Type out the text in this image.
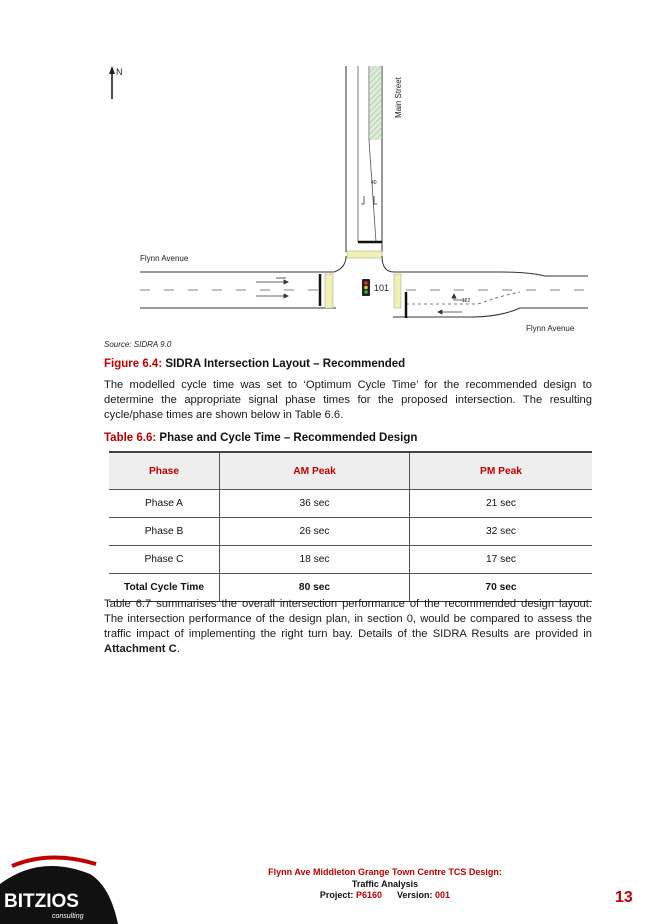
N
40
Main Street
Flynn Avenue
122
Flynn Avenue
101
BITZIOS
consulting
Source: SIDRA 9.0
Figure 6.4: SIDRA Intersection Layout – Recommended
The modelled cycle time was set to ‘Optimum Cycle Time’ for the recommended design to determine the appropriate signal phase times for the proposed intersection. The resulting cycle/phase times are shown below in Table 6.6.
Table 6.6: Phase and Cycle Time – Recommended Design
Phase	AM Peak	PM Peak
Phase A	36 sec	21 sec
Phase B	26 sec	32 sec
Phase C	18 sec	17 sec
Total Cycle Time	80 sec	70 sec
Table 6.7 summarises the overall intersection performance of the recommended design layout. The intersection performance of the design plan, in section 0, would be compared to assess the traffic impact of implementing the right turn bay. Details of the SIDRA Results are provided in Attachment C.
Flynn Ave Middleton Grange Town Centre TCS Design:
Traffic Analysis
Project: P6160 Version: 001	13
